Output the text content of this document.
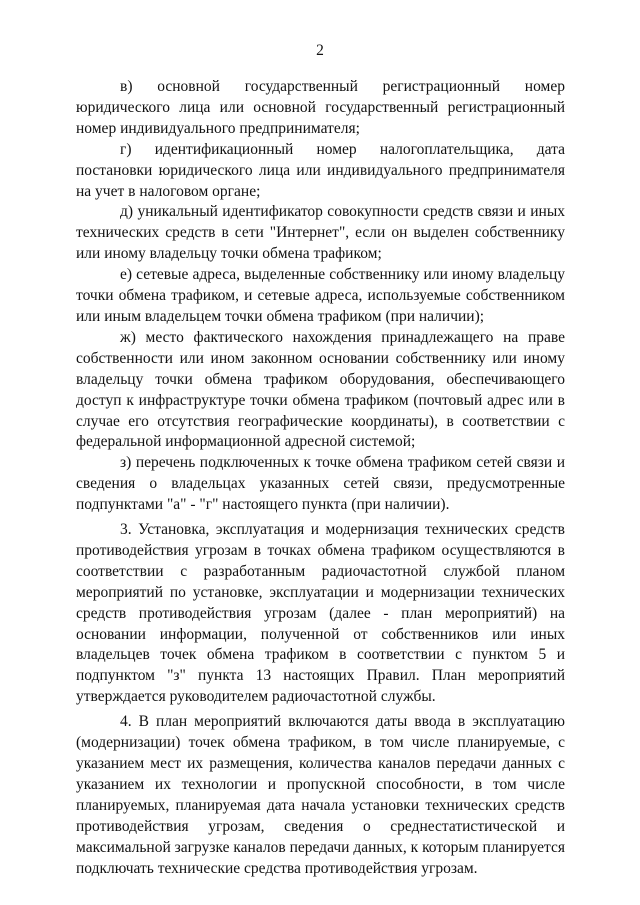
2

в) основной государственный регистрационный номер юридического лица или основной государственный регистрационный номер индивидуального предпринимателя;

г) идентификационный номер налогоплательщика, дата постановки юридического лица или индивидуального предпринимателя на учет в налоговом органе;

д) уникальный идентификатор совокупности средств связи и иных технических средств в сети "Интернет", если он выделен собственнику или иному владельцу точки обмена трафиком;

е) сетевые адреса, выделенные собственнику или иному владельцу точки обмена трафиком, и сетевые адреса, используемые собственником или иным владельцем точки обмена трафиком (при наличии);

ж) место фактического нахождения принадлежащего на праве собственности или ином законном основании собственнику или иному владельцу точки обмена трафиком оборудования, обеспечивающего доступ к инфраструктуре точки обмена трафиком (почтовый адрес или в случае его отсутствия географические координаты), в соответствии с федеральной информационной адресной системой;

з) перечень подключенных к точке обмена трафиком сетей связи и сведения о владельцах указанных сетей связи, предусмотренные подпунктами "а" - "г" настоящего пункта (при наличии).

3. Установка, эксплуатация и модернизация технических средств противодействия угрозам в точках обмена трафиком осуществляются в соответствии с разработанным радиочастотной службой планом мероприятий по установке, эксплуатации и модернизации технических средств противодействия угрозам (далее - план мероприятий) на основании информации, полученной от собственников или иных владельцев точек обмена трафиком в соответствии с пунктом 5 и подпунктом "з" пункта 13 настоящих Правил. План мероприятий утверждается руководителем радиочастотной службы.

4. В план мероприятий включаются даты ввода в эксплуатацию (модернизации) точек обмена трафиком, в том числе планируемые, с указанием мест их размещения, количества каналов передачи данных с указанием их технологии и пропускной способности, в том числе планируемых, планируемая дата начала установки технических средств противодействия угрозам, сведения о среднестатистической и максимальной загрузке каналов передачи данных, к которым планируется подключать технические средства противодействия угрозам.
